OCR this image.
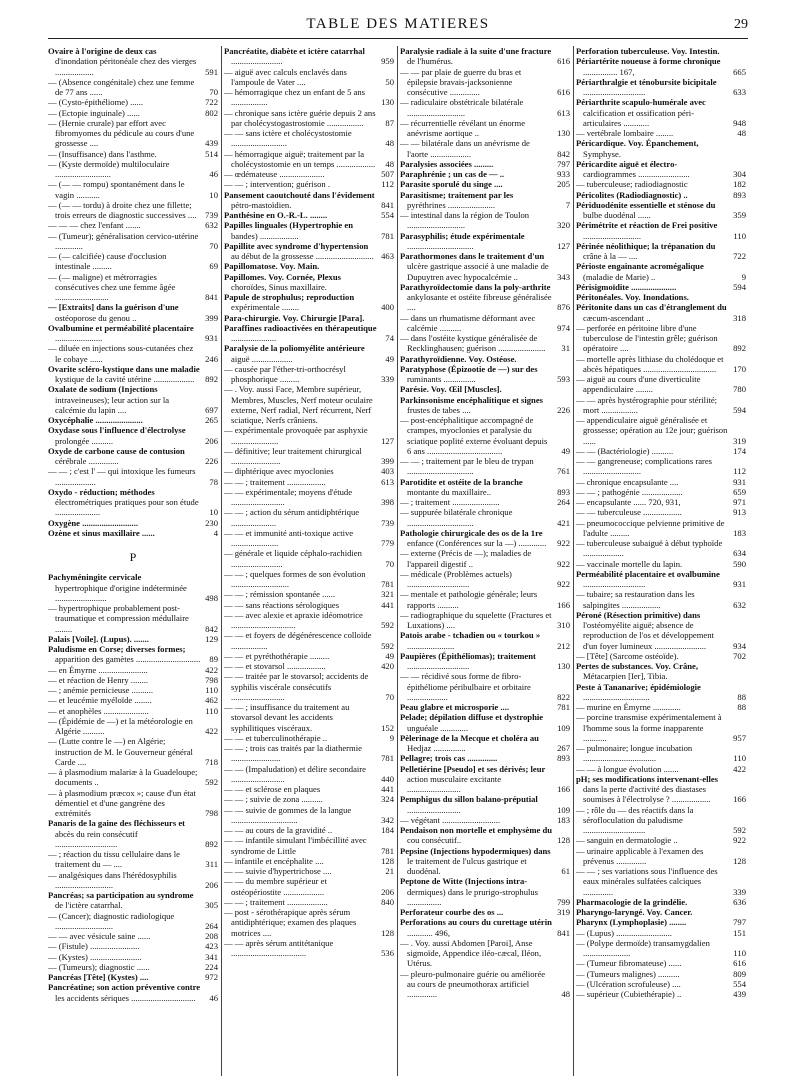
TABLE DES MATIERES	29
Ovaire à l'origine de deux cas d'inondation péritonéale chez des vierges ..................	591
— (Absence congénitale) chez une femme de 77 ans ......	70
— (Cysto-épithéliome) ......	722
— (Ectopie inguinale) ......	802
— (Hernie crurale) par effort avec fibromyomes du pédicule au cours d'une grossesse ....	439
— (Insuffisance) dans l'asthme.	514
— (Kyste dermoïde) multiloculaire ..........................	46
— (— — rompu) spontanément dans le vagin ...........	10
— (— — tordu) à droite chez une fillette; trois erreurs de diagnostic successives .... 739
— — — chez l'enfant .......	632
— (Tumeur); généralisation cervico-utérine .............	70
— (— calcifiée) cause d'occlusion intestinale .........	69
— (— maligne) et métrorragies consécutives chez une femme âgée .........................	841
— [Extraits] dans la guérison d'une ostéoporose du genou ..	399
Ovalbumine et perméabilité placentaire ......................	931
— diluée en injections sous-cutanées chez le cobaye ......	246
Ovarite scléro-kystique dans une maladie kystique de la cavité utérine ...................	892
Oxalate de sodium (Injections intraveineuses); leur action sur la calcémie du lapin ....	697
Oxycéphalie ......................	265
Oxydase sous l'influence d'électrolyse prolongée ..........	206
Oxyde de carbone cause de contusion cérébrale ..............	226
— — ; c'est l' — qui intoxique les fumeurs ...................	78
Oxydo - réduction; méthodes électrométriques pratiques pour son étude .....................	10
Oxygène ..........................	230
Ozène et sinus maxillaire ......	4
P
Pachyméningite cervicale hypertrophique d'origine indéterminée ........................	498
— hypertrophique probablement post-traumatique et compression médullaire ........	842
Palais [Voile]. (Lupus). .......	129
Paludisme en Corse; diverses formes; apparition des gamètes .............................. 89
— en Émyrne .......................	422
— et réaction de Henry ........	798
— ; anémie pernicieuse ..........	110
— et leucémie myéloïde ........	462
— et anophèles .....................	110
— (Épidémie de —) et la météorologie en Algérie ..........	422
— (Lutte contre le —) en Algérie; instruction de M. le Gouverneur général Carde ....	718
— à plasmodium malariæ à la Guadeloupe; documents ..	592
— à plasmodium præcox »; cause d'un état démentiel et d'une gangrène des extrémités	798
Panaris de la gaine des fléchisseurs et abcès du rein consécutif .............................	892
— ; réaction du tissu cellulaire dans le traitement du — ....	311
— analgésiques dans l'hérédosyphilis ...........................	206
Pancréas; sa participation au syndrome de l'ictère catarrhal.	305
— (Cancer); diagnostic radiologique ...........................	264
— — avec vésicule saine ......	208
— (Fistule) .......................	423
— (Kystes) ........................	341
— (Tumeurs); diagnostic ......	224
Pancréas [Tête] (Kystes) ....	972
Pancréatine; son action préventive contre les accidents sériques ..............................	46
Pancréatite, diabète et ictère catarrhal ........................	959
— aiguë avec calculs enclavés dans l'ampoule de Vater ....	50
— hémorragique chez un enfant de 5 ans .................	130
— chronique sans ictère guérie depuis 2 ans par cholécystogastrostomie .................	87
— — sans ictère et cholécystostomie ..........................	48
— hémorragique aiguë; traitement par la cholécystostomie en un temps .................. 48
— œdémateuse .....................	507
— — ; intervention; guérison .	112
Pansement caoutchouté dans l'évidement pétro-mastoïdien.	841
Panthésine en O.-R.-L. ........	554
Papilles linguales (Hypertrophie en bandes) ..................	781
Papillite avec syndrome d'hypertension au début de la grossesse ........................... 463
Papillomatose. Voy. Main.
Papillomes. Voy. Cornée, Plexus choroïdes, Sinus maxillaire.
Papule de strophulus; reproduction expérimentale ........	400
Para-chirurgie. Voy. Chirurgie [Para].
Paraffines radioactivées en thérapeutique .....................	74
Paralysie de la poliomyélite antérieure aiguë ...................	49
— causée par l'éther-tri-orthocrésyl phosphorique .........	339
— . Voy. aussi Face, Membre supérieur, Membres, Muscles, Nerf moteur oculaire externe, Nerf radial, Nerf récurrent, Nerf sciatique, Nerfs crâniens.
— expérimentale provoquée par asphyxie ......................	127
— définitive; leur traitement chirurgical .......................	399
— diphtérique avec myoclonies	403
— — ; traitement ..................	613
— — expérimentale; moyens d'étude .........................	398
— — ; action du sérum antidiphtérique .....................	739
— — et immunité anti-toxique active ......................	779
— générale et liquide céphalo-rachidien ........................	70
— — ; quelques formes de son évolution ...........................	781
— — ; rémission spontanée ......	321
— — sans réactions sérologiques	441
— — avec alexie et apraxie idéomotrice ..............................	592
— — et foyers de dégénérescence colloïde .................	592
— — et pyréthothérapie .........	49
— — et stovarsol ..................	420
— — traitée par le stovarsol; accidents de syphilis viscérale consécutifs .........................	70
— — ; insuffisance du traitement au stovarsol devant les accidents syphilitiques viscéraux.	152
— — et tuberculinothérapie ..	9
— — ; trois cas traités par la diathermie .......................	781
— — (Impaludation) et délire secondaire .........................	440
— — et sclérose en plaques	441
— — ; suivie de zona ..........	324
— — suivie de gommes de la langue ...............................	342
— — au cours de la gravidité ..	184
— — infantile simulant l'imbécillité avec syndrome de Little	781
— infantile et encéphalite ....	128
— — suivie d'hypertrichose ....	21
— — du membre supérieur et ostéopériostite ...................	206
— — ; traitement ...................	840
— post - sérothérapique après sérum antidiphtérique; examen des plaques motrices ....	128
— — après sérum antitétanique ...................................	536
Paralysie radiale à la suite d'une fracture de l'humérus.	616
— — par plaie de guerre du bras et épilepsie bravais-jacksonienne consécutive ..............	616
— radiculaire obstétricale bilatérale ...........................	613
— récurrentielle révélant un énorme anévrisme aortique ..	130
— — bilatérale dans un anévrisme de l'aorte ...................	842
Paralysies associées .........	797
Paraphrénie ; un cas de — ..	933
Parasite sporulé du singe ....	205
Parasitisme; traitement par les pyréthrines ......................	7
— intestinal dans la région de Toulon ...........................	320
Parasyphilis; étude expérimentale ...............................	127
Parathormones dans le traitement d'un ulcère gastrique associé à une maladie de Dupuytren avec hypocalcémie ..	343
Parathyroïdectomie dans la poly-arthrite ankylosante et ostéite fibreuse généralisée ....	876
— dans un rhumatisme déformant avec calcémie ..........	974
— dans l'ostéite kystique généralisée de Recklinghausen; guérison ......................	31
Parathyroïdienne. Voy. Ostéose.
Paratyphose (Épizootie de —) sur des ruminants ...............	593
Parésie. Voy. Œil [Muscles].
Parkinsonisme encéphalitique et signes frustes de tabes ....	226
— post-encéphalitique accompagné de crampes, myoclonies et paralysie du sciatique poplité externe évoluant depuis 6 ans ...................................	49
— — ; traitement par le bleu de trypan ...............................	761
Parotidite et ostéite de la branche montante du maxillaire..	893
— ; traitement ......................	264
— suppurée bilatérale chronique ...............................	421
Pathologie chirurgicale des os de la 1re enfance (Conférences sur la —) .............	922
— externe (Précis de —); maladies de l'appareil digestif ..	922
— médicale (Problèmes actuels) .............................	922
— mentale et pathologie générale; leurs rapports ..........	166
— radiographique du squelette (Fractures et Luxations) ....	310
Patois arabe - tchadien ou « tourkou » ......................	212
Paupières (Épithéliomas); traitement .............................	130
— — récidivé sous forme de fibro-épithéliome péribulbaire et orbitaire ...................	822
Peau glabre et microsporie ....	781
Pelade; dépilation diffuse et dystrophie unguéale .............	109
Pèlerinage de la Mecque et choléra au Hedjaz ...............	267
Pellagre; trois cas ..............	893
Pelletiérine [Pseudo] et ses dérivés; leur action musculaire excitante .........................	166
Pemphigus du sillon balano-préputial .........................	109
— végétant ...........................	183
Pendaison non mortelle et emphysème du cou consécutif..	128
Pepsine (Injections hypodermiques) dans le traitement de l'ulcus gastrique et duodénal.	61
Peptone de Witte (Injections intra-dermiques) dans le prurigo-strophulus ................	799
Perforateur courbe des os ...	319
Perforations au cours du curettage utérin ............ 496,	841
— . Voy. aussi Abdomen [Paroi], Anse sigmoïde, Appendice iléo-cæcal, Iléon, Utérus.
— pleuro-pulmonaire guérie ou améliorée au cours de pneumothorax artificiel ..............	48
Perforation tuberculeuse. Voy. Intestin.
Périartérite noueuse à forme chronique ................ 167,	665
Périarthralgie et ténobursite bicipitale .............................	633
Périarthrite scapulo-humérale avec calcification et ossification péri-articulaires ............	948
— vertébrale lombaire ........	48
Péricardique. Voy. Épanchement, Symphyse.
Péricardite aiguë et électro-cardiogrammes ........................	304
— tuberculeuse; radiodiagnostic	182
Péricolites (Radiodiagnostic) ..	893
Périduodénite essentielle et sténose du bulbe duodénal ......	359
Périmétrite et réaction de Frei positive ...........................	110
Périnée néolithique; la trépanation du crâne à la — ....	722
Périoste engainante acromégalique (maladie de Marie) ..	9
Périsigmoïdite .....................	594
Péritonéales. Voy. Inondations.
Péritonite dans un cas d'étranglement du cæcum-ascendant ..	318
— perforée en péritoine libre d'une tuberculose de l'intestin grêle; guérison opératoire ....	892
— mortelle après lithiase du cholédoque et abcès hépatiques ..................................	170
— aiguë au cours d'une diverticulite appendiculaire ........	780
— — après hystérographie pour stérilité; mort .................	594
— appendiculaire aiguë généralisée et grossesse; opération au 12e jour; guérison ......	319
— — (Bactériologie) ..........	174
— — gangreneuse; complications rares ...........................	112
— chronique encapsulante ....	931
— — ; pathogénie ...................	659
— encapsulante ...... 720, 931,	971
— — tuberculeuse ..................	913
— pneumococcique pelvienne primitive de l'adulte .........	183
— tuberculeuse subaiguë à début typhoïde ...................	634
— vaccinale mortelle du lapin.	590
Perméabilité placentaire et ovalbumine .............................	931
— tubaire; sa restauration dans les salpingites ..................	632
Péroné (Résection primitive) dans l'ostéomyélite aiguë; absence de reproduction de l'os et développement d'un foyer lumineux ........................	934
— [Tête] (Sarcome ostéoïde).	702
Pertes de substances. Voy. Crâne, Métacarpien [Ier], Tibia.
Peste à Tananarive; épidémiologie ...............................	88
— murine en Émyrne .............	88
— porcine transmise expérimentalement à l'homme sous la forme inapparente ...........	957
— pulmonaire; longue incubation ..................................	110
— — à longue évolution .......	422
pH; ses modifications intervenant-elles dans la perte d'activité des diastases soumises à l'électrolyse ? ..................	166
— ; rôle du — des réactifs dans la sérofloculation du paludisme .............................	592
— sanguin en dermatologie ..	922
— urinaire applicable à l'examen des prévenus ..............	128
— — ; ses variations sous l'influence des eaux minérales sulfatées calciques ..............	339
Pharmacologie de la grindélie.	636
Pharyngo-laryngé. Voy. Cancer.
Pharynx (Lymphoplasie) ........	797
— (Lupus) ..........................	151
— (Polype dermoïde) transamygdalien ......................	110
— (Tumeur fibromateuse) ......	616
— (Tumeurs malignes) ..........	809
— (Ulcération scrofuleuse) ....	554
— supérieur (Cubiethérapie) ..	439
